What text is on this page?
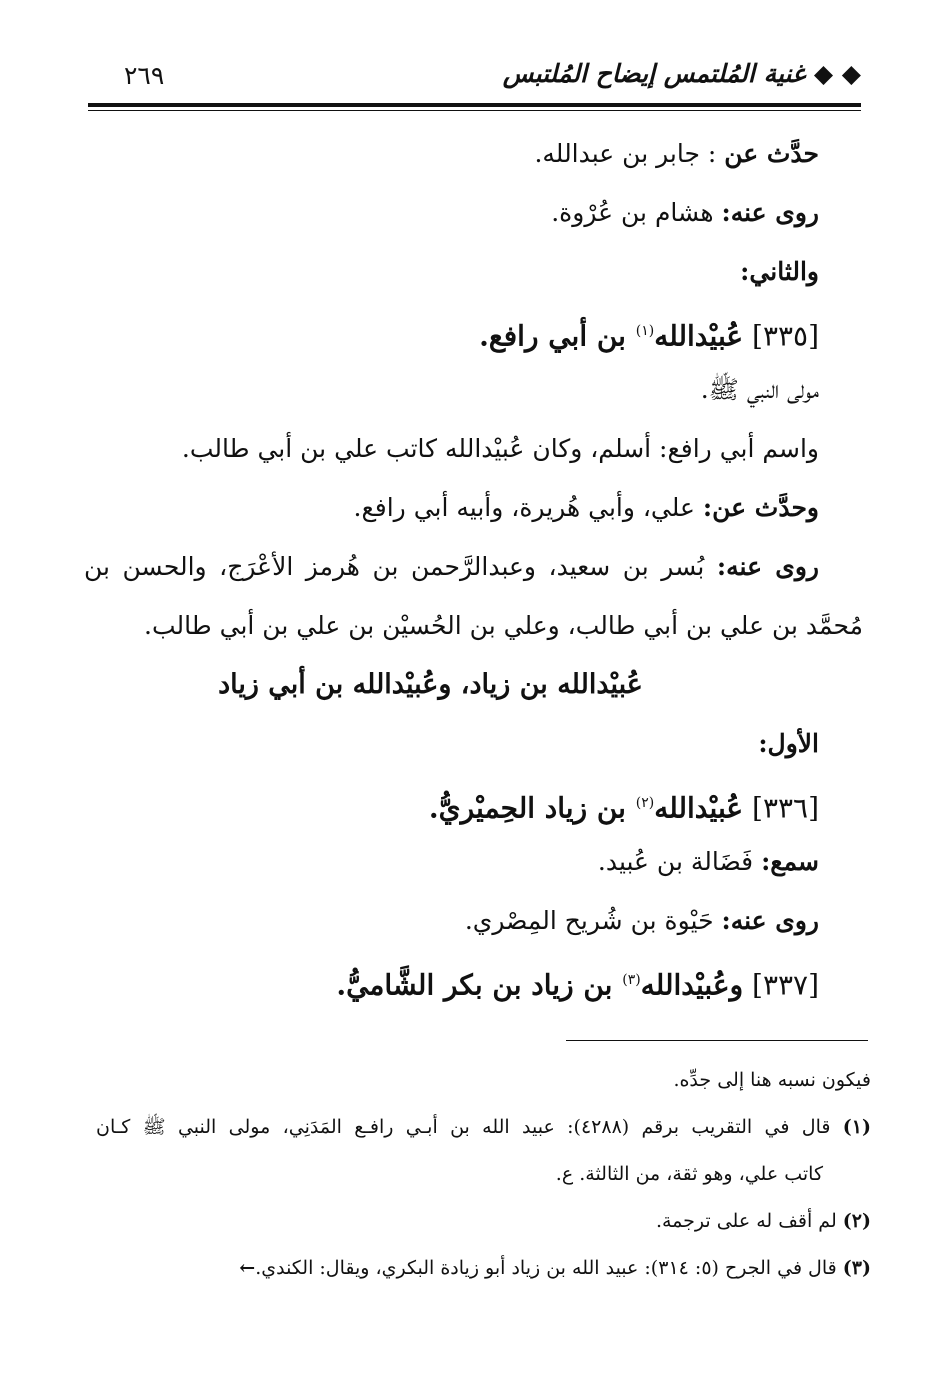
٢٦٩	◆ ◆ غنية المُلتمس إيضاح المُلتبس
حدَّث عن : جابر بن عبدالله.
روى عنه: هشام بن عُرْوة.
والثاني:
[٣٣٥] عُبيْدالله$^{(١)}$ بن أبي رافع.
مولى النبي ﷺ.
واسم أبي رافع: أسلم، وكان عُبيْدالله كاتب علي بن أبي طالب.
وحدَّث عن: علي، وأبي هُريرة، وأبيه أبي رافع.
روى عنه: بُسر بن سعيد، وعبدالرَّحمن بن هُرمز الأعْرَج، والحسن بن
مُحمَّد بن علي بن أبي طالب، وعلي بن الحُسيْن بن علي بن أبي طالب.
عُبيْدالله بن زياد، وعُبيْدالله بن أبي زياد
الأول:
[٣٣٦] عُبيْدالله$^{(٢)}$ بن زياد الحِميْريُّ.
سمع: فَضَالة بن عُبيد.
روى عنه: حَيْوة بن شُريح المِصْري.
[٣٣٧] وعُبيْدالله$^{(٣)}$ بن زياد بن بكر الشَّاميُّ.
فيكون نسبه هنا إلى جدِّه.
(١) قال في التقريب برقم (٤٢٨٨): عبيد الله بن أبـي رافـع المَدَنِي، مولى النبي ﷺ كـان
كاتب علي، وهو ثقة، من الثالثة. ع.
(٢) لم أقف له على ترجمة.
(٣) قال في الجرح (٥: ٣١٤): عبيد الله بن زياد أبو زيادة البكري، ويقال: الكندي.←
